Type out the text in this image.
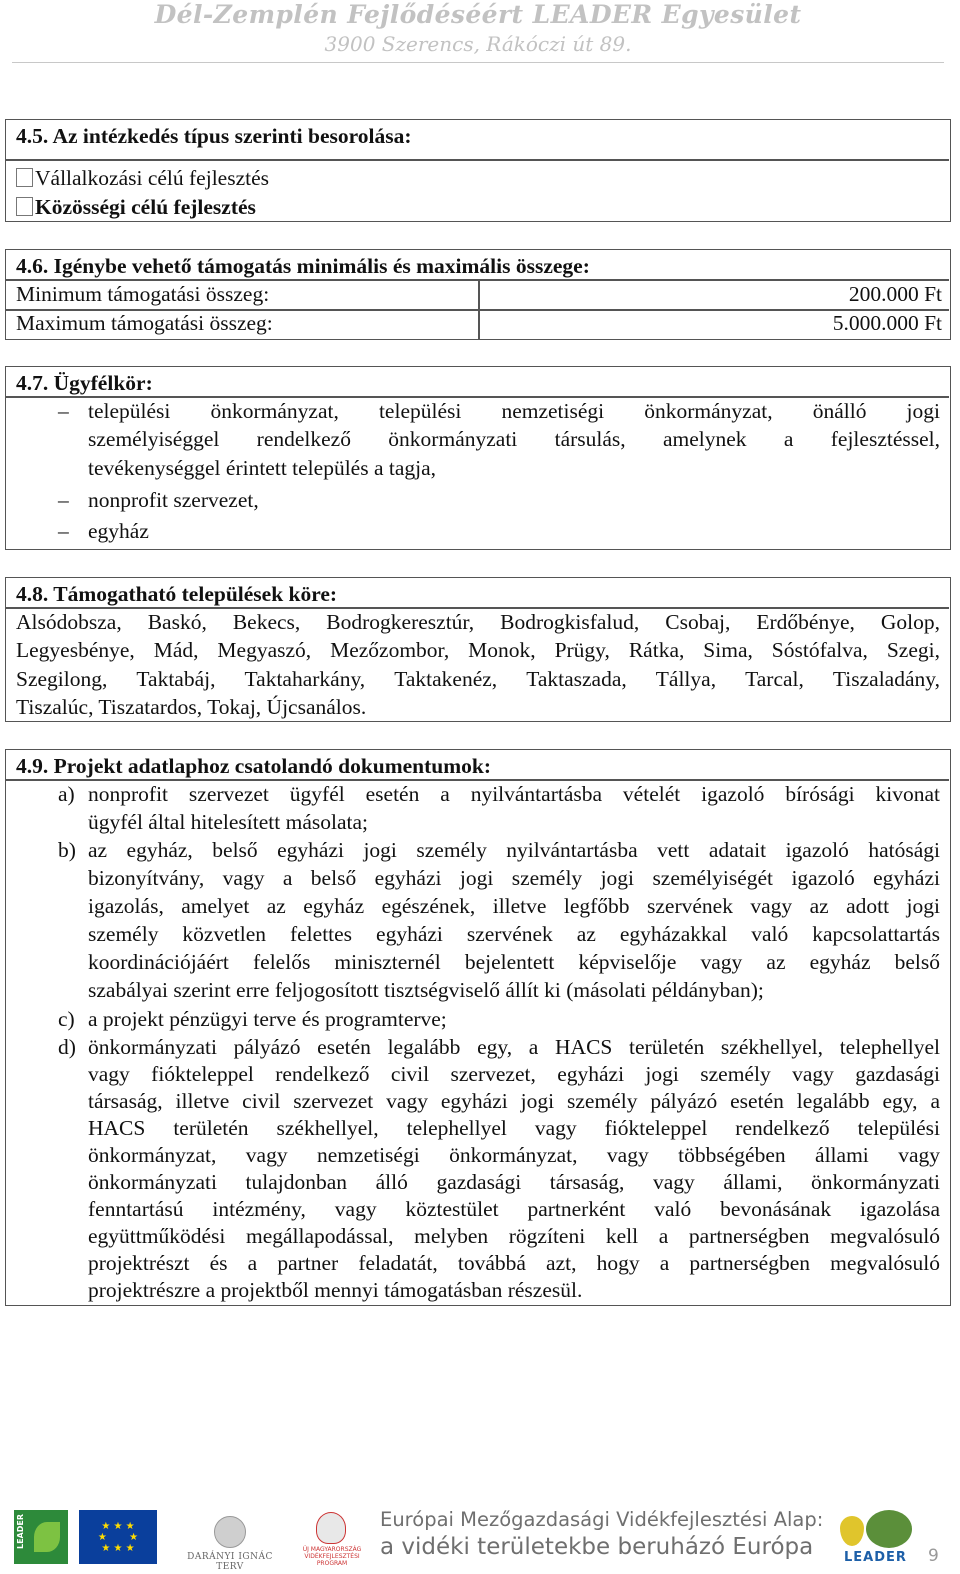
Dél-Zemplén Fejlődéséért LEADER Egyesület
3900 Szerencs, Rákóczi út 89.
4.5. Az intézkedés típus szerinti besorolása:
Vállalkozási célú fejlesztés
Közösségi célú fejlesztés
4.6. Igénybe vehető támogatás minimális és maximális összege:
Minimum támogatási összeg:	200.000 Ft
Maximum támogatási összeg:	5.000.000 Ft
4.7. Ügyfélkör:
– települési önkormányzat, települési nemzetiségi önkormányzat, önálló jogi
személyiséggel rendelkező önkormányzati társulás, amelynek a fejlesztéssel,
tevékenységgel érintett település a tagja,
– nonprofit szervezet,
– egyház
4.8. Támogatható települések köre:
Alsódobsza, Baskó, Bekecs, Bodrogkeresztúr, Bodrogkisfalud, Csobaj, Erdőbénye, Golop,
Legyesbénye, Mád, Megyaszó, Mezőzombor, Monok, Prügy, Rátka, Sima, Sóstófalva, Szegi,
Szegilong, Taktabáj, Taktaharkány, Taktakenéz, Taktaszada, Tállya, Tarcal, Tiszaladány,
Tiszalúc, Tiszatardos, Tokaj, Újcsanálos.
4.9. Projekt adatlaphoz csatolandó dokumentumok:
a) nonprofit szervezet ügyfél esetén a nyilvántartásba vételét igazoló bírósági kivonat
ügyfél által hitelesített másolata;
b) az egyház, belső egyházi jogi személy nyilvántartásba vett adatait igazoló hatósági
bizonyítvány, vagy a belső egyházi jogi személy jogi személyiségét igazoló egyházi
igazolás, amelyet az egyház egészének, illetve legfőbb szervének vagy az adott jogi
személy közvetlen felettes egyházi szervének az egyházakkal való kapcsolattartás
koordinációjáért felelős miniszternél bejelentett képviselője vagy az egyház belső
szabályai szerint erre feljogosított tisztségviselő állít ki (másolati példányban);
c) a projekt pénzügyi terve és programterve;
d) önkormányzati pályázó esetén legalább egy, a HACS területén székhellyel, telephellyel
vagy fiókteleppel rendelkező civil szervezet, egyházi jogi személy vagy gazdasági
társaság, illetve civil szervezet vagy egyházi jogi személy pályázó esetén legalább egy, a
HACS területén székhellyel, telephellyel vagy fiókteleppel rendelkező települési
önkormányzat, vagy nemzetiségi önkormányzat, vagy többségében állami vagy
önkormányzati tulajdonban álló gazdasági társaság, vagy állami, önkormányzati
fenntartású intézmény, vagy köztestület partnerként való bevonásának igazolása
együttműködési megállapodással, melyben rögzíteni kell a partnerségben megvalósuló
projektrészt és a partner feladatát, továbbá azt, hogy a partnerségben megvalósuló
projektrészre a projektből mennyi támogatásban részesül.
LEADER	★ ★ ★
★       ★
★ ★ ★
DARÁNYI IGNÁC TERV
ÚJ MAGYARORSZÁG VIDÉKFEJLESZTÉSI PROGRAM
Európai Mezőgazdasági Vidékfejlesztési Alap:
a vidéki területekbe beruházó Európa LEADER 9
